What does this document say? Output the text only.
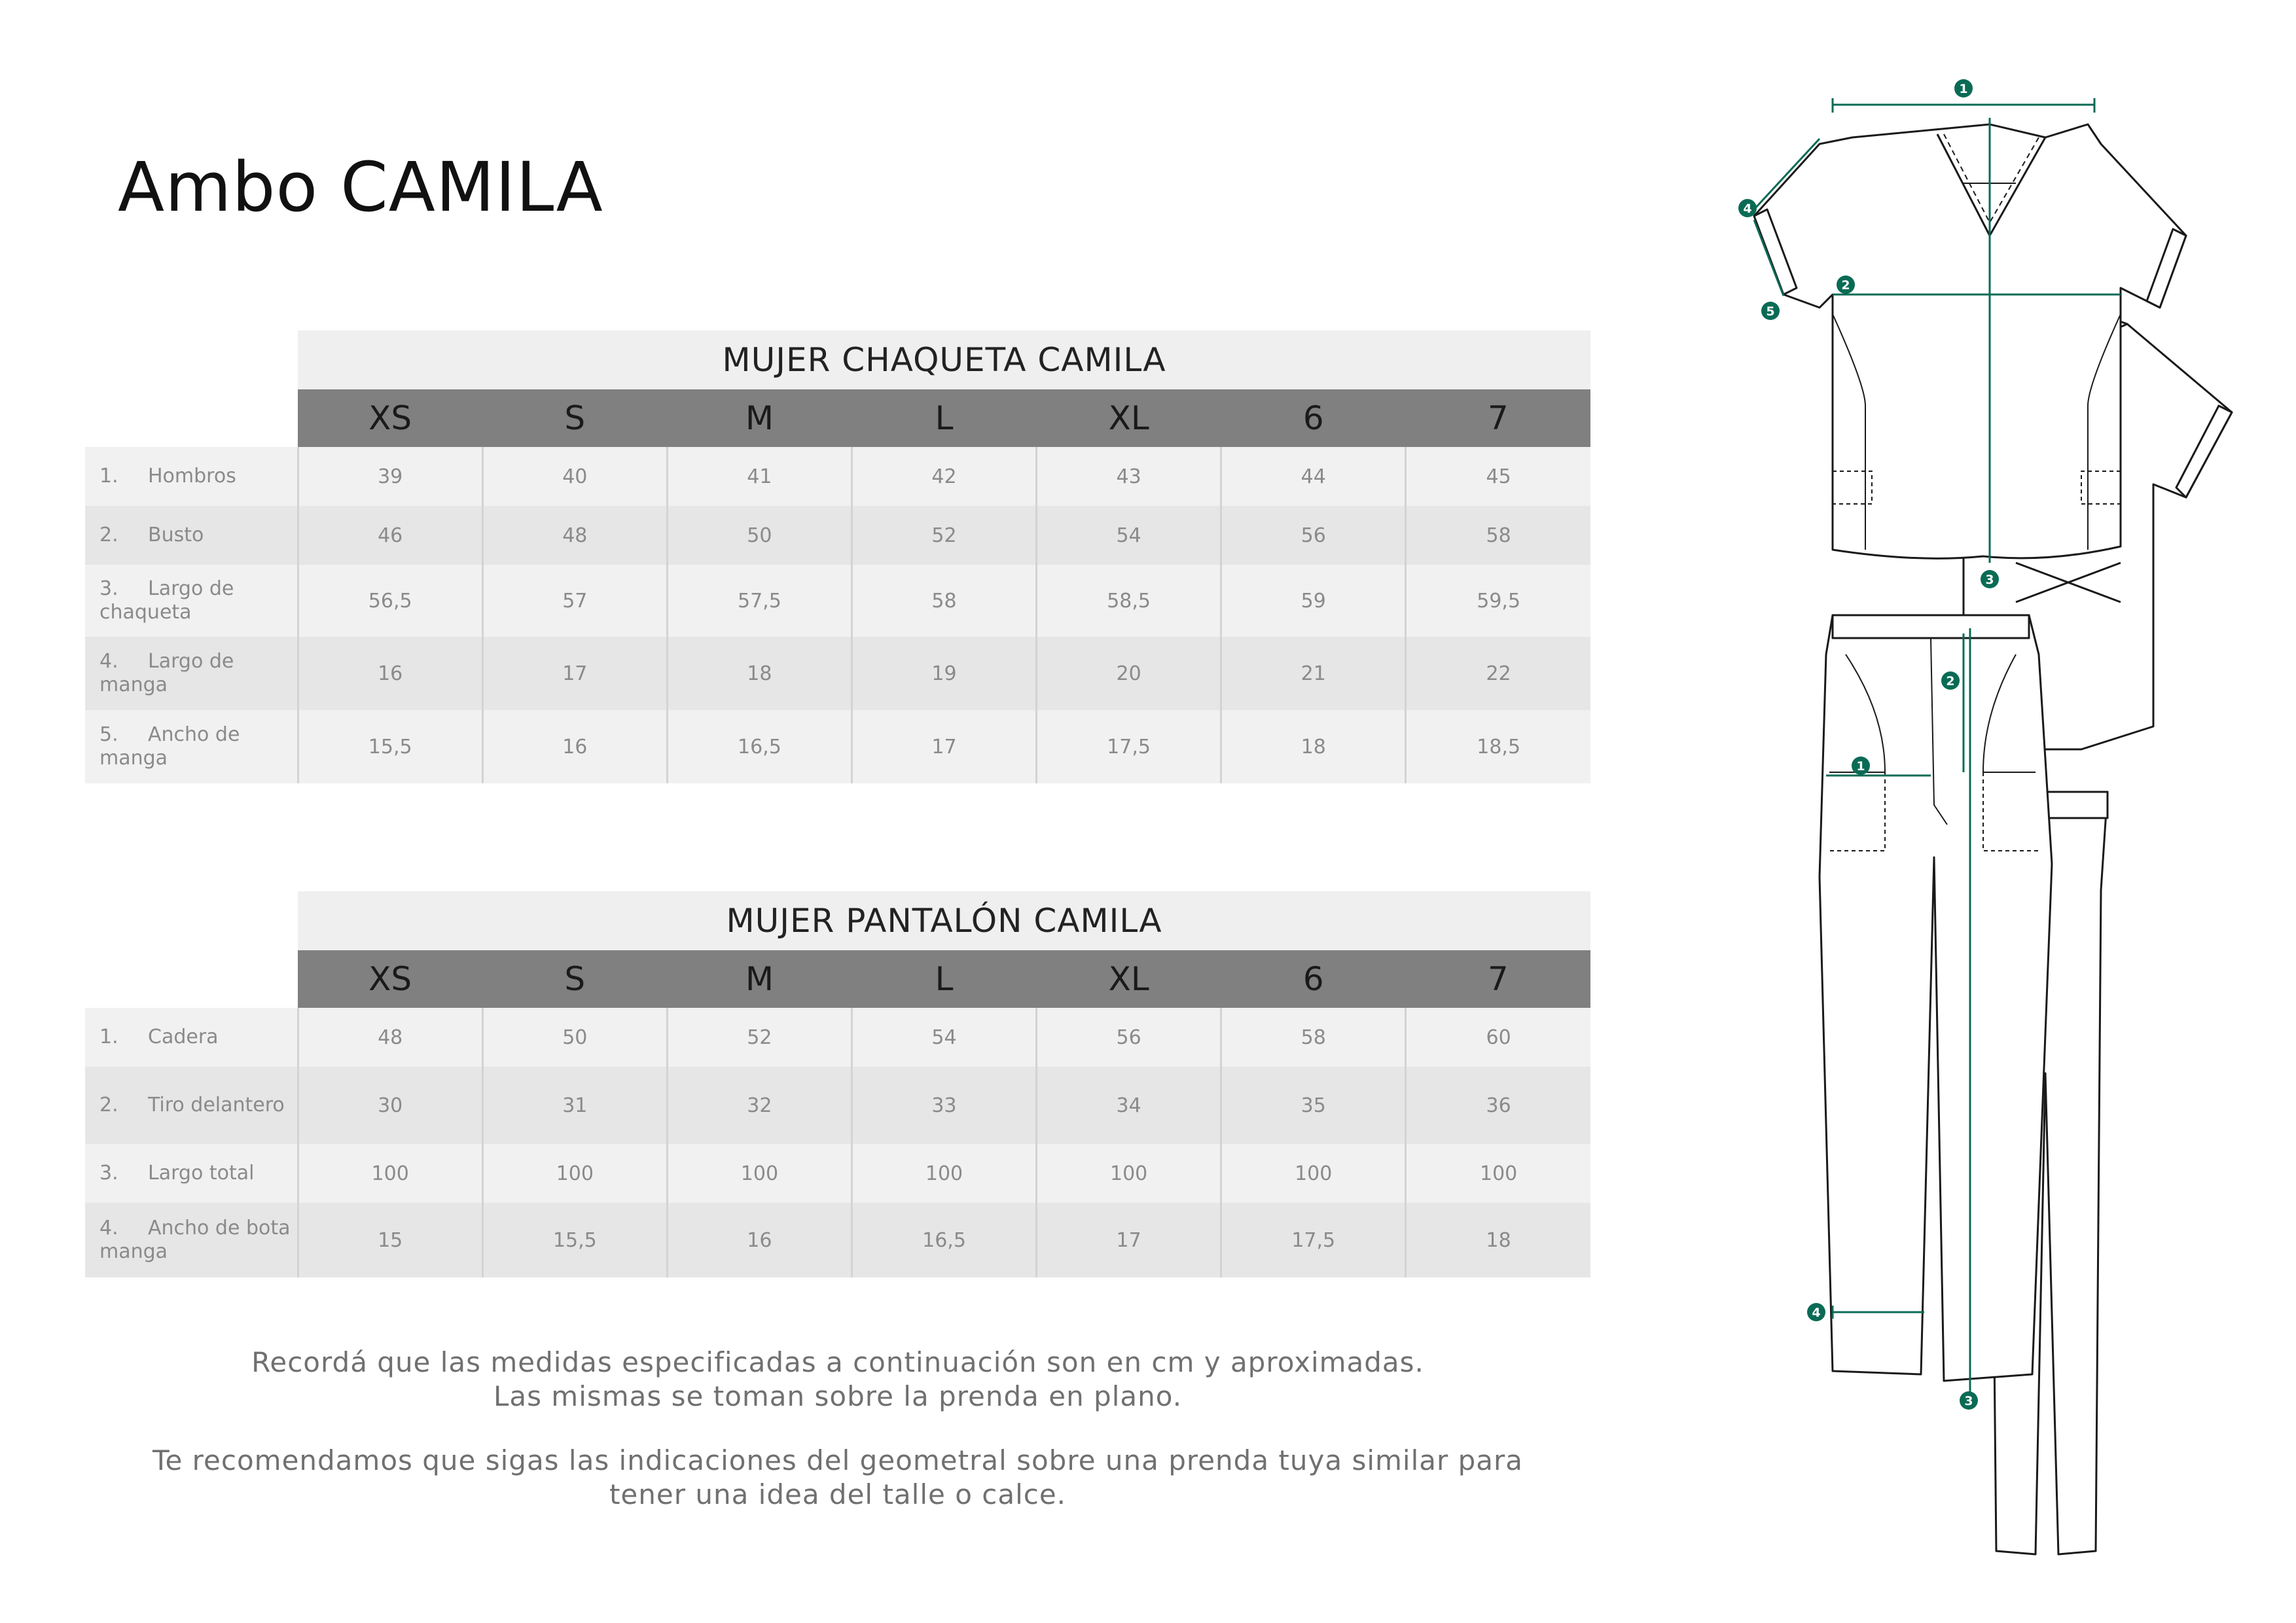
Ambo CAMILA
	MUJER CHAQUETA CAMILA						
	XS	S	M	L	XL	6	7
1. Hombros	39	40	41	42	43	44	45
2. Busto	46	48	50	52	54	56	58
3. Largo de chaqueta	56,5	57	57,5	58	58,5	59	59,5
4. Largo de manga	16	17	18	19	20	21	22
5. Ancho de manga	15,5	16	16,5	17	17,5	18	18,5
	MUJER PANTALÓN CAMILA						
	XS	S	M	L	XL	6	7
1. Cadera	48	50	52	54	56	58	60
2. Tiro delantero	30	31	32	33	34	35	36
3. Largo total	100	100	100	100	100	100	100
4. Ancho de bota manga	15	15,5	16	16,5	17	17,5	18

Recordá que las medidas especificadas a continuación son en cm y aproximadas.

Las mismas se toman sobre la prenda en plano.

Te recomendamos que sigas las indicaciones del geometral sobre una prenda tuya similar para

tener una idea del talle o calce.

1
2
3
4
5
1
2
3
4
